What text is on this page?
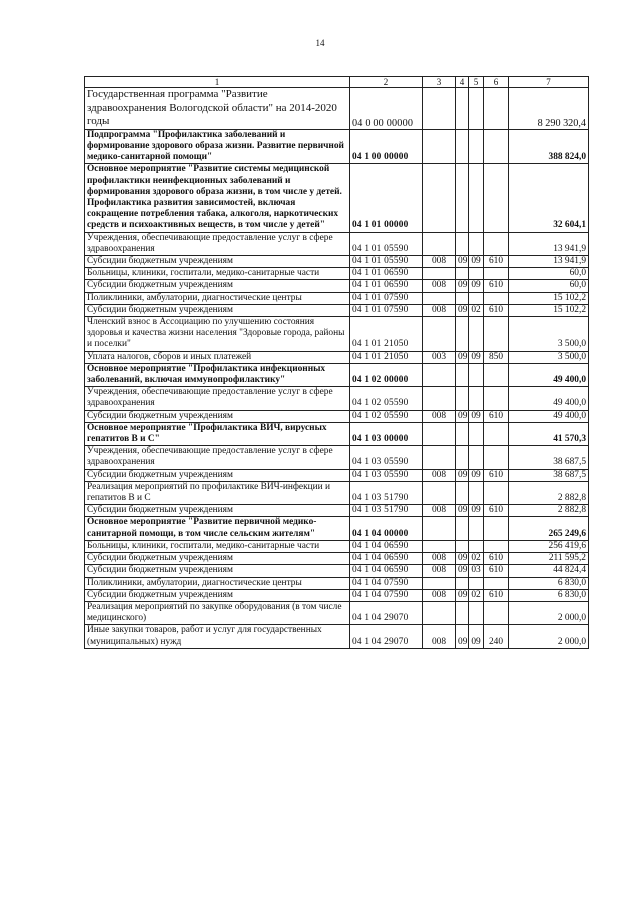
14
1	2	3	4	5	6	7
Государственная программа "Развитие здравоохранения Вологодской области" на 2014-2020 годы	04 0 00 00000					8 290 320,4
Подпрограмма "Профилактика заболеваний и формирование здорового образа жизни. Развитие первичной медико-санитарной помощи"	04 1 00 00000					388 824,0
Основное мероприятие "Развитие системы медицинской профилактики неинфекционных заболеваний и формирования здорового образа жизни, в том числе у детей. Профилактика развития зависимостей, включая сокращение потребления табака, алкоголя, наркотических средств и психоактивных веществ, в том числе у детей"	04 1 01 00000					32 604,1
Учреждения, обеспечивающие предоставление услуг в сфере здравоохранения	04 1 01 05590					13 941,9
Субсидии бюджетным учреждениям	04 1 01 05590	008	09	09	610	13 941,9
Больницы, клиники, госпитали, медико-санитарные части	04 1 01 06590					60,0
Субсидии бюджетным учреждениям	04 1 01 06590	008	09	09	610	60,0
Поликлиники, амбулатории, диагностические центры	04 1 01 07590					15 102,2
Субсидии бюджетным учреждениям	04 1 01 07590	008	09	02	610	15 102,2
Членский взнос в Ассоциацию по улучшению состояния здоровья и качества жизни населения "Здоровые города, районы и поселки"	04 1 01 21050					3 500,0
Уплата налогов, сборов и иных платежей	04 1 01 21050	003	09	09	850	3 500,0
Основное мероприятие "Профилактика инфекционных заболеваний, включая иммунопрофилактику"	04 1 02 00000					49 400,0
Учреждения, обеспечивающие предоставление услуг в сфере здравоохранения	04 1 02 05590					49 400,0
Субсидии бюджетным учреждениям	04 1 02 05590	008	09	09	610	49 400,0
Основное мероприятие "Профилактика ВИЧ, вирусных гепатитов В и С"	04 1 03 00000					41 570,3
Учреждения, обеспечивающие предоставление услуг в сфере здравоохранения	04 1 03 05590					38 687,5
Субсидии бюджетным учреждениям	04 1 03 05590	008	09	09	610	38 687,5
Реализация мероприятий по профилактике ВИЧ-инфекции и гепатитов В и С	04 1 03 51790					2 882,8
Субсидии бюджетным учреждениям	04 1 03 51790	008	09	09	610	2 882,8
Основное мероприятие "Развитие первичной медико-санитарной помощи, в том числе сельским жителям"	04 1 04 00000					265 249,6
Больницы, клиники, госпитали, медико-санитарные части	04 1 04 06590					256 419,6
Субсидии бюджетным учреждениям	04 1 04 06590	008	09	02	610	211 595,2
Субсидии бюджетным учреждениям	04 1 04 06590	008	09	03	610	44 824,4
Поликлиники, амбулатории, диагностические центры	04 1 04 07590					6 830,0
Субсидии бюджетным учреждениям	04 1 04 07590	008	09	02	610	6 830,0
Реализация мероприятий по закупке оборудования (в том числе медицинского)	04 1 04 29070					2 000,0
Иные закупки товаров, работ и услуг для государственных (муниципальных) нужд	04 1 04 29070	008	09	09	240	2 000,0
